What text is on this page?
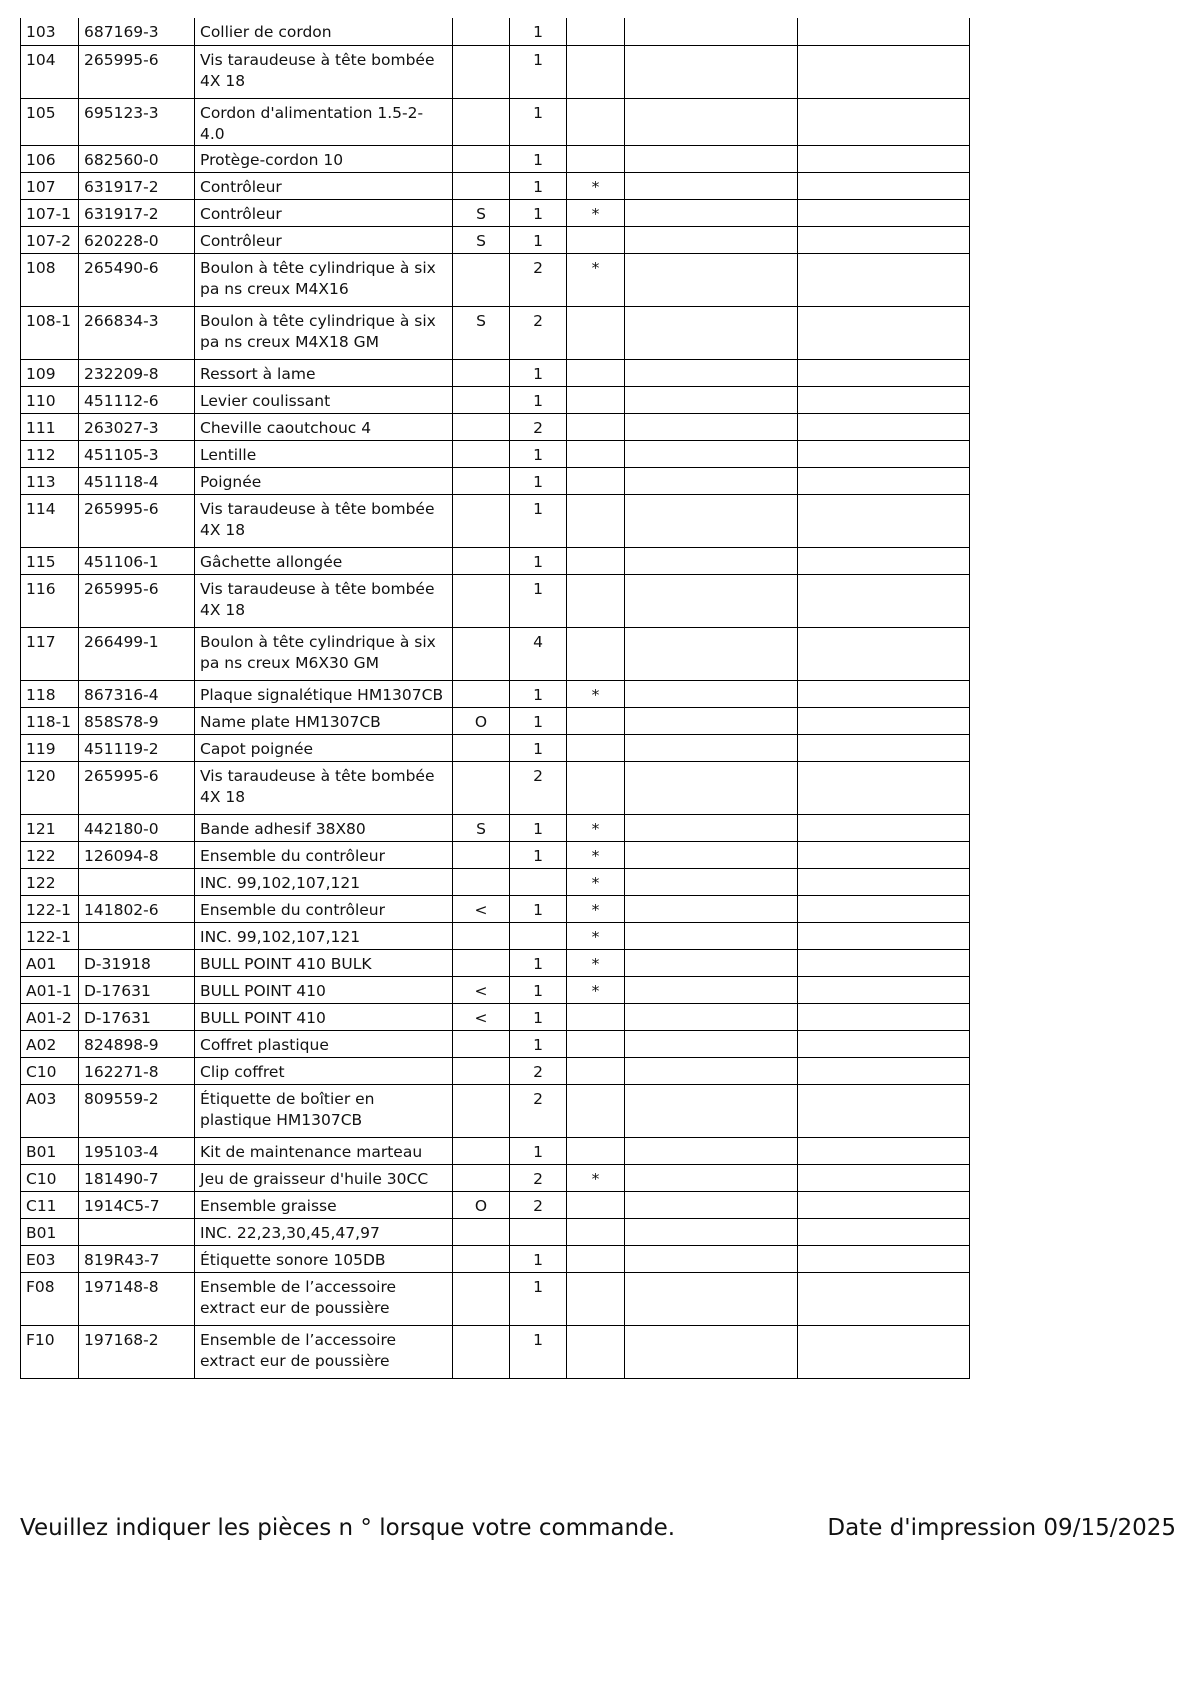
103	687169-3	Collier de cordon		1			
104	265995-6	Vis taraudeuse à tête bombée 4X 18		1			
105	695123-3	Cordon d'alimentation 1.5-2-4.0		1			
106	682560-0	Protège-cordon 10		1			
107	631917-2	Contrôleur		1	*		
107-1	631917-2	Contrôleur	S	1	*		
107-2	620228-0	Contrôleur	S	1			
108	265490-6	Boulon à tête cylindrique à six pa ns creux M4X16		2	*		
108-1	266834-3	Boulon à tête cylindrique à six pa ns creux M4X18 GM	S	2			
109	232209-8	Ressort à lame		1			
110	451112-6	Levier coulissant		1			
111	263027-3	Cheville caoutchouc 4		2			
112	451105-3	Lentille		1			
113	451118-4	Poignée		1			
114	265995-6	Vis taraudeuse à tête bombée 4X 18		1			
115	451106-1	Gâchette allongée		1			
116	265995-6	Vis taraudeuse à tête bombée 4X 18		1			
117	266499-1	Boulon à tête cylindrique à six pa ns creux M6X30 GM		4			
118	867316-4	Plaque signalétique HM1307CB		1	*		
118-1	858S78-9	Name plate HM1307CB	O	1			
119	451119-2	Capot poignée		1			
120	265995-6	Vis taraudeuse à tête bombée 4X 18		2			
121	442180-0	Bande adhesif 38X80	S	1	*		
122	126094-8	Ensemble du contrôleur		1	*		
122		INC. 99,102,107,121			*		
122-1	141802-6	Ensemble du contrôleur	<	1	*		
122-1		INC. 99,102,107,121			*		
A01	D-31918	BULL POINT 410 BULK		1	*		
A01-1	D-17631	BULL POINT 410	<	1	*		
A01-2	D-17631	BULL POINT 410	<	1			
A02	824898-9	Coffret plastique		1			
C10	162271-8	Clip coffret		2			
A03	809559-2	Étiquette de boîtier en plastique HM1307CB		2			
B01	195103-4	Kit de maintenance marteau		1			
C10	181490-7	Jeu de graisseur d'huile 30CC		2	*		
C11	1914C5-7	Ensemble graisse	O	2			
B01		INC. 22,23,30,45,47,97					
E03	819R43-7	Étiquette sonore 105DB		1			
F08	197148-8	Ensemble de l’accessoire extract eur de poussière		1			
F10	197168-2	Ensemble de l’accessoire extract eur de poussière		1			
Veuillez indiquer les pièces n ° lorsque votre commande.	Date d'impression 09/15/2025
